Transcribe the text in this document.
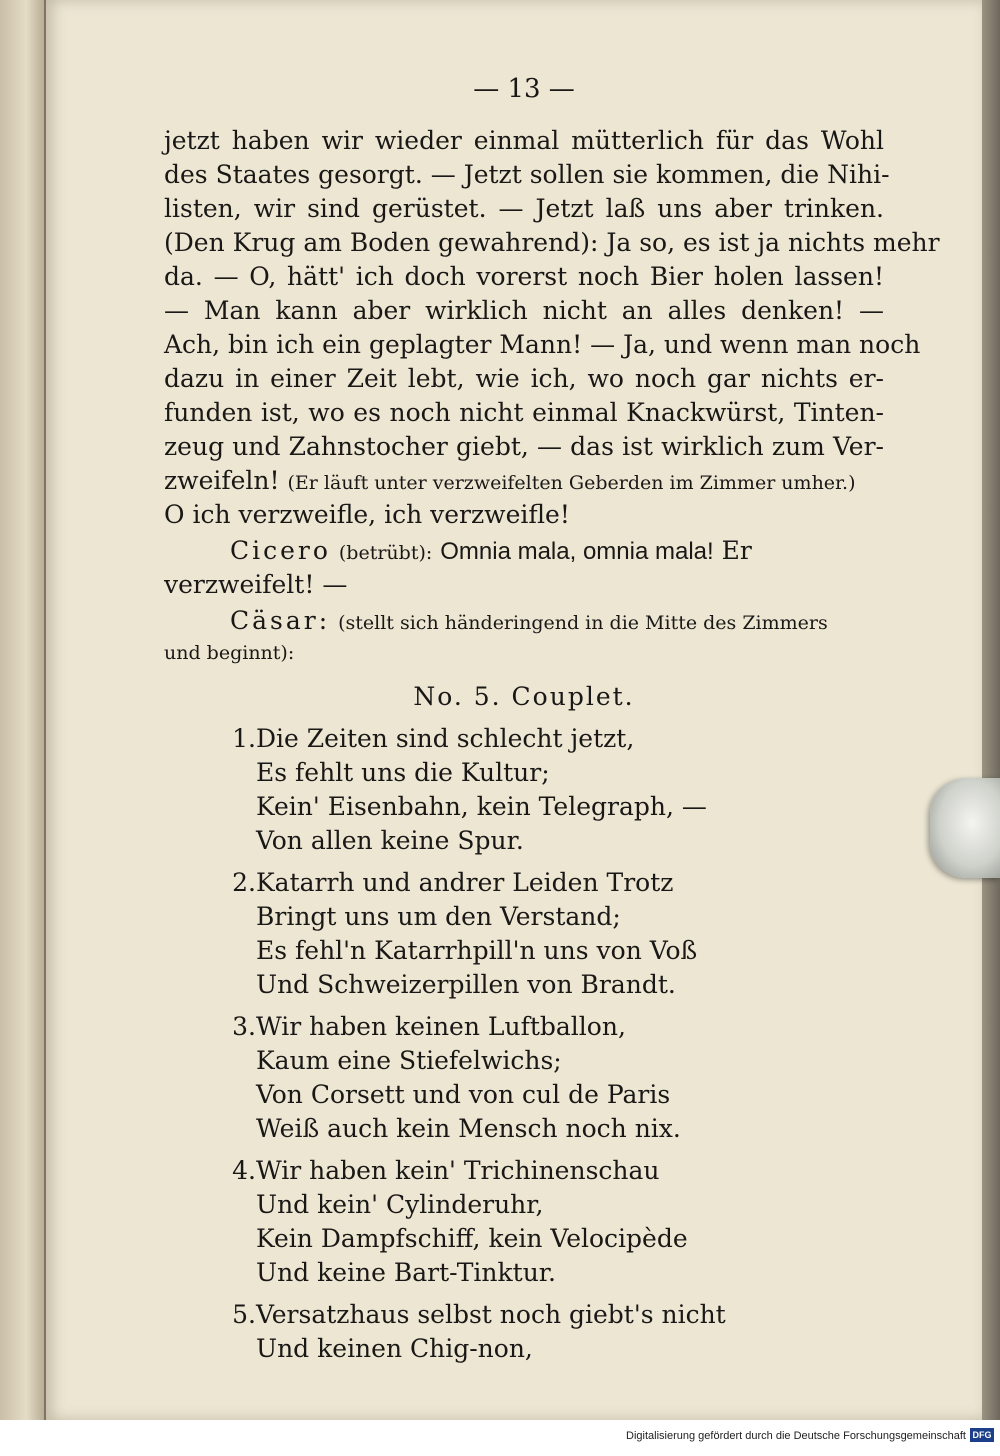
— 13 —
jetzt haben wir wieder einmal mütterlich für das Wohl
des Staates gesorgt. — Jetzt sollen sie kommen, die Nihi-
listen, wir sind gerüstet. — Jetzt laß uns aber trinken.
(Den Krug am Boden gewahrend): Ja so, es ist ja nichts mehr
da. — O, hätt' ich doch vorerst noch Bier holen lassen!
— Man kann aber wirklich nicht an alles denken! —
Ach, bin ich ein geplagter Mann! — Ja, und wenn man noch
dazu in einer Zeit lebt, wie ich, wo noch gar nichts er-
funden ist, wo es noch nicht einmal Knackwürst, Tinten-
zeug und Zahnstocher giebt, — das ist wirklich zum Ver-
zweifeln! (Er läuft unter verzweifelten Geberden im Zimmer umher.)
O ich verzweifle, ich verzweifle!
Cicero (betrübt): Omnia mala, omnia mala! Er
verzweifelt! —
Cäsar: (stellt sich händeringend in die Mitte des Zimmers
und beginnt):
No. 5. Couplet.
1. Die Zeiten sind schlecht jetzt,
Es fehlt uns die Kultur;
Kein' Eisenbahn, kein Telegraph, —
Von allen keine Spur.
2. Katarrh und andrer Leiden Trotz
Bringt uns um den Verstand;
Es fehl'n Katarrhpill'n uns von Voß
Und Schweizerpillen von Brandt.
3. Wir haben keinen Luftballon,
Kaum eine Stiefelwichs;
Von Corsett und von cul de Paris
Weiß auch kein Mensch noch nix.
4. Wir haben kein' Trichinenschau
Und kein' Cylinderuhr,
Kein Dampfschiff, kein Velocipède
Und keine Bart-Tinktur.
5. Versatzhaus selbst noch giebt's nicht
Und keinen Chig-non,
Digitalisierung gefördert durch die Deutsche Forschungsgemeinschaft DFG
